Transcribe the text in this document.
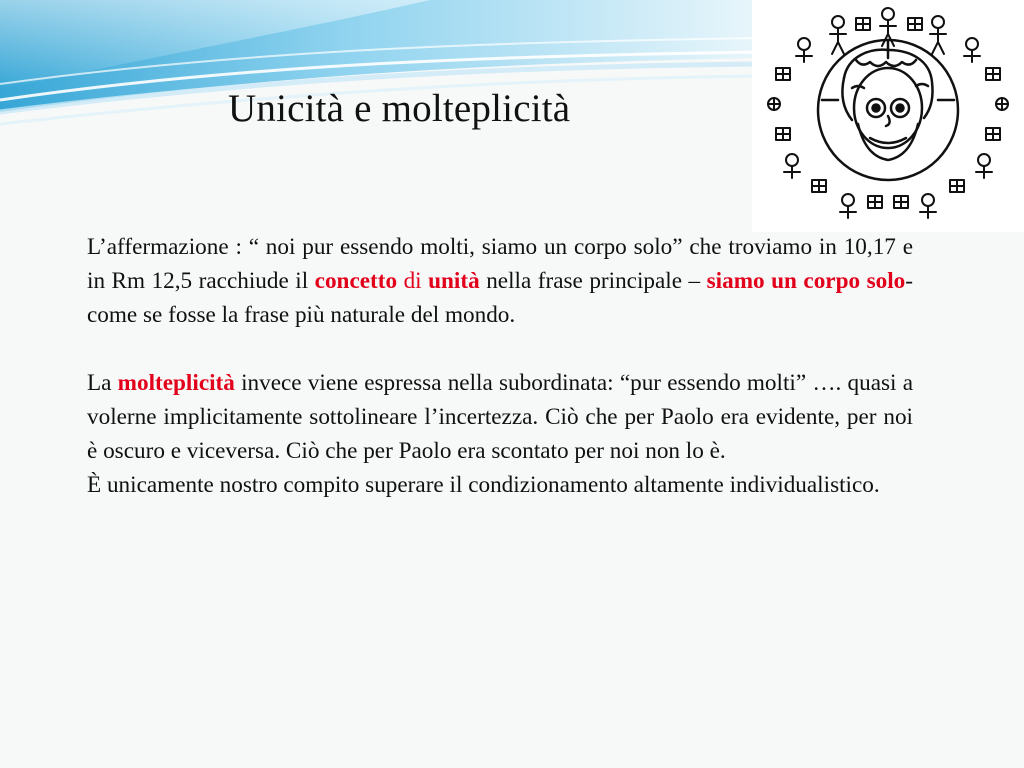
Unicità e molteplicità

L’affermazione : “ noi pur essendo molti, siamo un corpo solo” che troviamo in 10,17 e in Rm 12,5 racchiude il concetto di unità nella frase principale – siamo un corpo solo- come se fosse la frase più naturale del mondo.

La molteplicità invece viene espressa nella subordinata: “pur essendo molti” …. quasi a volerne implicitamente sottolineare l’incertezza. Ciò che per Paolo era evidente, per noi è oscuro e viceversa. Ciò che per Paolo era scontato per noi non lo è.

È unicamente nostro compito superare il condizionamento altamente individualistico.
